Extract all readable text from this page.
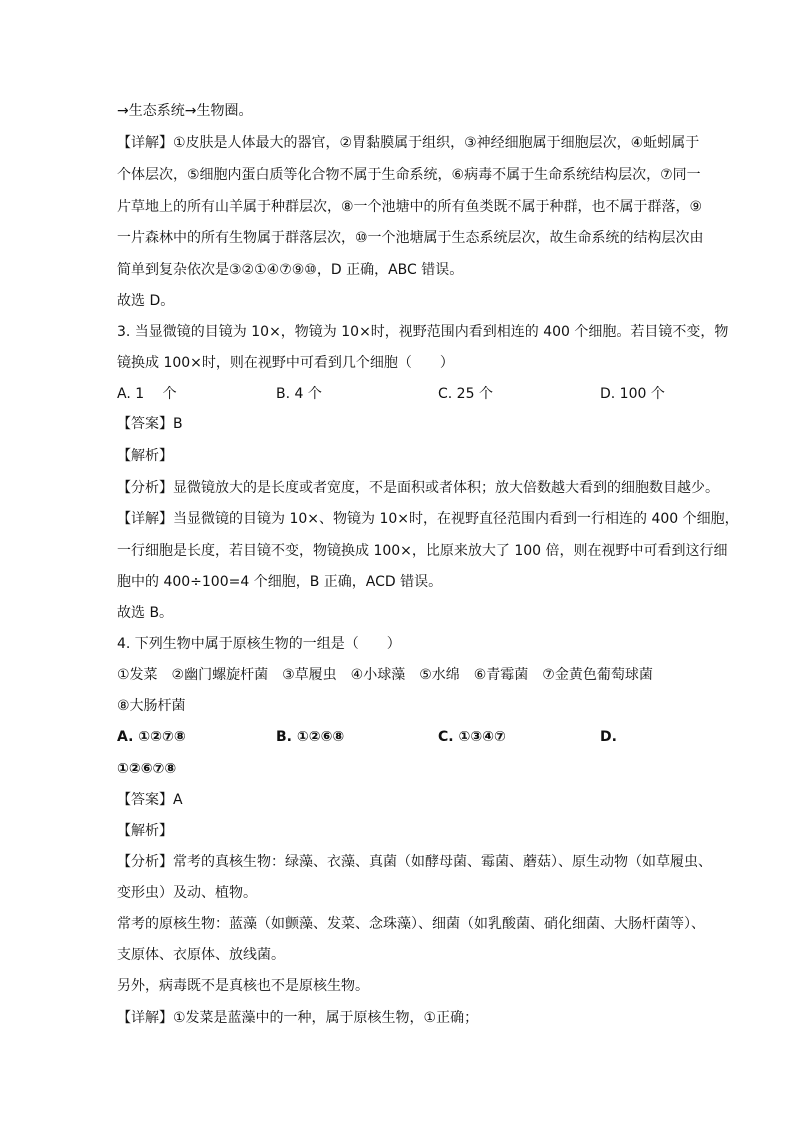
→生态系统→生物圈。
【详解】①皮肤是人体最大的器官，②胃黏膜属于组织，③神经细胞属于细胞层次，④蚯蚓属于
个体层次，⑤细胞内蛋白质等化合物不属于生命系统，⑥病毒不属于生命系统结构层次，⑦同一
片草地上的所有山羊属于种群层次，⑧一个池塘中的所有鱼类既不属于种群，也不属于群落，⑨
一片森林中的所有生物属于群落层次，⑩一个池塘属于生态系统层次，故生命系统的结构层次由
简单到复杂依次是③②①④⑦⑨⑩，D 正确，ABC 错误。
故选 D。
3. 当显微镜的目镜为 10×，物镜为 10×时，视野范围内看到相连的 400 个细胞。若目镜不变，物
镜换成 100×时，则在视野中可看到几个细胞（　　）
A. 1　 个	B. 4 个	C. 25 个	D. 100 个
【答案】B
【解析】
【分析】显微镜放大的是长度或者宽度，不是面积或者体积；放大倍数越大看到的细胞数目越少。
【详解】当显微镜的目镜为 10×、物镜为 10×时，在视野直径范围内看到一行相连的 400 个细胞，
一行细胞是长度，若目镜不变，物镜换成 100×，比原来放大了 100 倍，则在视野中可看到这行细
胞中的 400÷100=4 个细胞，B 正确，ACD 错误。
故选 B。
4. 下列生物中属于原核生物的一组是（　　）
①发菜　②幽门螺旋杆菌　③草履虫　④小球藻　⑤水绵　⑥青霉菌　⑦金黄色葡萄球菌
⑧大肠杆菌
A. ①②⑦⑧	B. ①②⑥⑧	C. ①③④⑦	D.
①②⑥⑦⑧
【答案】A
【解析】
【分析】常考的真核生物：绿藻、衣藻、真菌（如酵母菌、霉菌、蘑菇）、原生动物（如草履虫、
变形虫）及动、植物。
常考的原核生物：蓝藻（如颤藻、发菜、念珠藻）、细菌（如乳酸菌、硝化细菌、大肠杆菌等）、
支原体、衣原体、放线菌。
另外，病毒既不是真核也不是原核生物。
【详解】①发菜是蓝藻中的一种，属于原核生物，①正确；
